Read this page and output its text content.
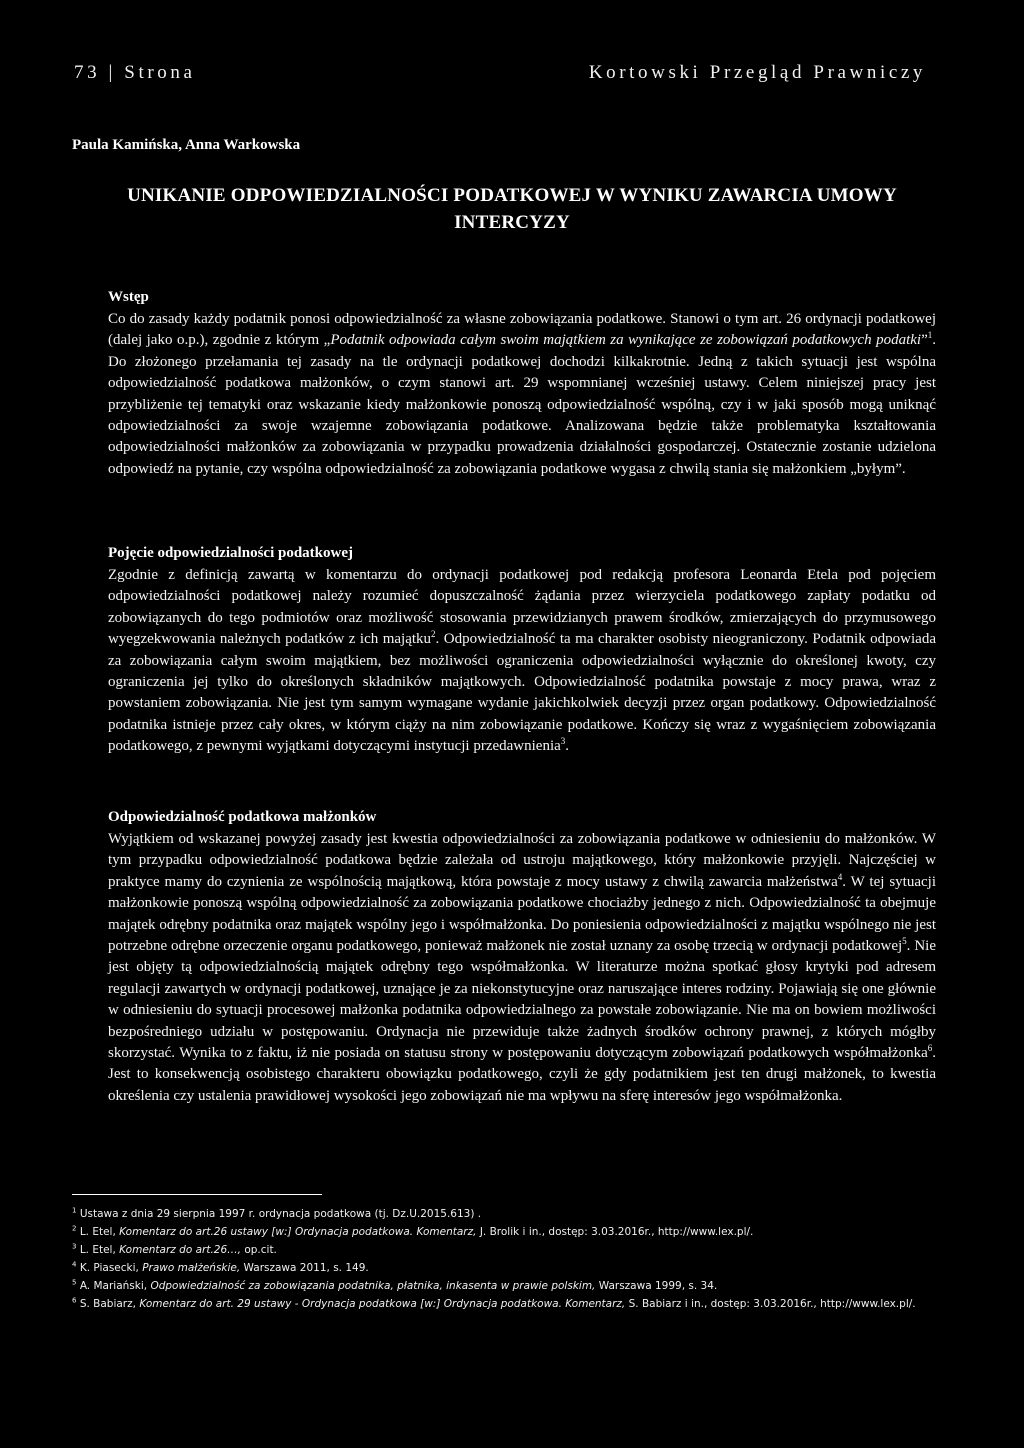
73 | Strona	Kortowski Przegląd Prawniczy
Paula Kamińska, Anna Warkowska
UNIKANIE ODPOWIEDZIALNOŚCI PODATKOWEJ W WYNIKU ZAWARCIA UMOWY INTERCYZY
Wstęp

Co do zasady każdy podatnik ponosi odpowiedzialność za własne zobowiązania podatkowe. Stanowi o tym art. 26 ordynacji podatkowej (dalej jako o.p.), zgodnie z którym „Podatnik odpowiada całym swoim majątkiem za wynikające ze zobowiązań podatkowych podatki”$^1$. Do złożonego przełamania tej zasady na tle ordynacji podatkowej dochodzi kilkakrotnie. Jedną z takich sytuacji jest wspólna odpowiedzialność podatkowa małżonków, o czym stanowi art. 29 wspomnianej wcześniej ustawy. Celem niniejszej pracy jest przybliżenie tej tematyki oraz wskazanie kiedy małżonkowie ponoszą odpowiedzialność wspólną, czy i w jaki sposób mogą uniknąć odpowiedzialności za swoje wzajemne zobowiązania podatkowe. Analizowana będzie także problematyka kształtowania odpowiedzialności małżonków za zobowiązania w przypadku prowadzenia działalności gospodarczej. Ostatecznie zostanie udzielona odpowiedź na pytanie, czy wspólna odpowiedzialność za zobowiązania podatkowe wygasa z chwilą stania się małżonkiem „byłym”.

Pojęcie odpowiedzialności podatkowej

Zgodnie z definicją zawartą w komentarzu do ordynacji podatkowej pod redakcją profesora Leonarda Etela pod pojęciem odpowiedzialności podatkowej należy rozumieć dopuszczalność żądania przez wierzyciela podatkowego zapłaty podatku od zobowiązanych do tego podmiotów oraz możliwość stosowania przewidzianych prawem środków, zmierzających do przymusowego wyegzekwowania należnych podatków z ich majątku$^2$. Odpowiedzialność ta ma charakter osobisty nieograniczony. Podatnik odpowiada za zobowiązania całym swoim majątkiem, bez możliwości ograniczenia odpowiedzialności wyłącznie do określonej kwoty, czy ograniczenia jej tylko do określonych składników majątkowych. Odpowiedzialność podatnika powstaje z mocy prawa, wraz z powstaniem zobowiązania. Nie jest tym samym wymagane wydanie jakichkolwiek decyzji przez organ podatkowy. Odpowiedzialność podatnika istnieje przez cały okres, w którym ciąży na nim zobowiązanie podatkowe. Kończy się wraz z wygaśnięciem zobowiązania podatkowego, z pewnymi wyjątkami dotyczącymi instytucji przedawnienia$^3$.

Odpowiedzialność podatkowa małżonków

Wyjątkiem od wskazanej powyżej zasady jest kwestia odpowiedzialności za zobowiązania podatkowe w odniesieniu do małżonków. W tym przypadku odpowiedzialność podatkowa będzie zależała od ustroju majątkowego, który małżonkowie przyjęli. Najczęściej w praktyce mamy do czynienia ze wspólnością majątkową, która powstaje z mocy ustawy z chwilą zawarcia małżeństwa$^4$. W tej sytuacji małżonkowie ponoszą wspólną odpowiedzialność za zobowiązania podatkowe chociażby jednego z nich. Odpowiedzialność ta obejmuje majątek odrębny podatnika oraz majątek wspólny jego i współmałżonka. Do poniesienia odpowiedzialności z majątku wspólnego nie jest potrzebne odrębne orzeczenie organu podatkowego, ponieważ małżonek nie został uznany za osobę trzecią w ordynacji podatkowej$^5$. Nie jest objęty tą odpowiedzialnością majątek odrębny tego współmałżonka. W literaturze można spotkać głosy krytyki pod adresem regulacji zawartych w ordynacji podatkowej, uznające je za niekonstytucyjne oraz naruszające interes rodziny. Pojawiają się one głównie w odniesieniu do sytuacji procesowej małżonka podatnika odpowiedzialnego za powstałe zobowiązanie. Nie ma on bowiem możliwości bezpośredniego udziału w postępowaniu. Ordynacja nie przewiduje także żadnych środków ochrony prawnej, z których mógłby skorzystać. Wynika to z faktu, iż nie posiada on statusu strony w postępowaniu dotyczącym zobowiązań podatkowych współmałżonka$^6$. Jest to konsekwencją osobistego charakteru obowiązku podatkowego, czyli że gdy podatnikiem jest ten drugi małżonek, to kwestia określenia czy ustalenia prawidłowej wysokości jego zobowiązań nie ma wpływu na sferę interesów jego współmałżonka.

$^1$ Ustawa z dnia 29 sierpnia 1997 r. ordynacja podatkowa (tj. Dz.U.2015.613) .

$^2$ L. Etel, Komentarz do art.26 ustawy [w:] Ordynacja podatkowa. Komentarz, J. Brolik i in., dostęp: 3.03.2016r., http://www.lex.pl/.

$^3$ L. Etel, Komentarz do art.26…, op.cit.

$^4$ K. Piasecki, Prawo małżeńskie, Warszawa 2011, s. 149.

$^5$ A. Mariański, Odpowiedzialność za zobowiązania podatnika, płatnika, inkasenta w prawie polskim, Warszawa 1999, s. 34.

$^6$ S. Babiarz, Komentarz do art. 29 ustawy - Ordynacja podatkowa [w:] Ordynacja podatkowa. Komentarz, S. Babiarz i in., dostęp: 3.03.2016r., http://www.lex.pl/.
